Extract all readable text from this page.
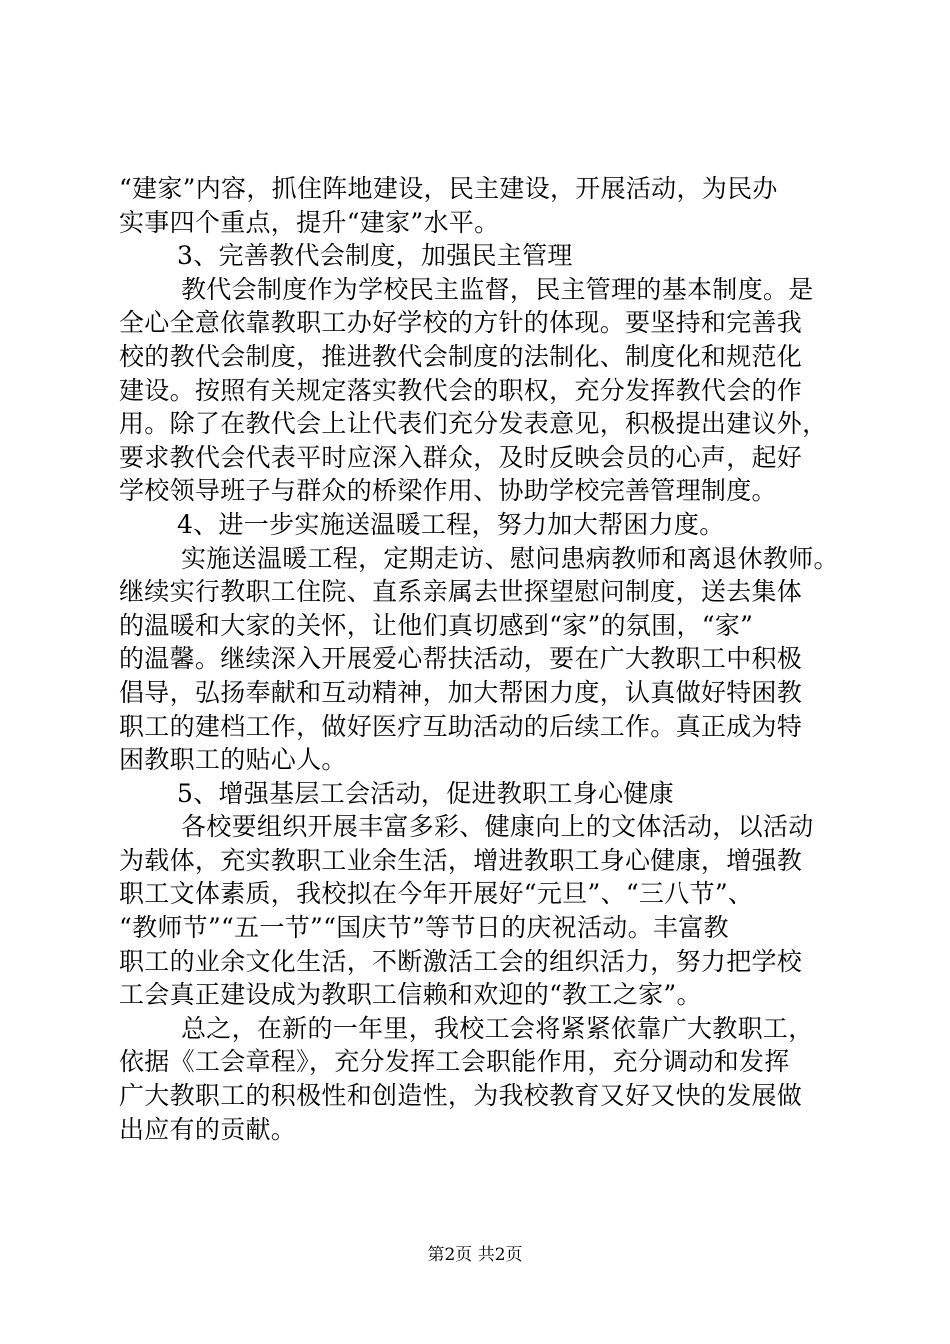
“建家”内容，抓住阵地建设，民主建设，开展活动，为民办
实事四个重点，提升“建家”水平。
3、完善教代会制度，加强民主管理
教代会制度作为学校民主监督，民主管理的基本制度。是
全心全意依靠教职工办好学校的方针的体现。要坚持和完善我
校的教代会制度，推进教代会制度的法制化、制度化和规范化
建设。按照有关规定落实教代会的职权，充分发挥教代会的作
用。除了在教代会上让代表们充分发表意见，积极提出建议外，
要求教代会代表平时应深入群众，及时反映会员的心声，起好
学校领导班子与群众的桥梁作用、协助学校完善管理制度。
4、进一步实施送温暖工程，努力加大帮困力度。
实施送温暖工程，定期走访、慰问患病教师和离退休教师。
继续实行教职工住院、直系亲属去世探望慰问制度，送去集体
的温暖和大家的关怀，让他们真切感到“家”的氛围，“家”
的温馨。继续深入开展爱心帮扶活动，要在广大教职工中积极
倡导，弘扬奉献和互动精神，加大帮困力度，认真做好特困教
职工的建档工作，做好医疗互助活动的后续工作。真正成为特
困教职工的贴心人。
5、增强基层工会活动，促进教职工身心健康
各校要组织开展丰富多彩、健康向上的文体活动，以活动
为载体，充实教职工业余生活，增进教职工身心健康，增强教
职工文体素质，我校拟在今年开展好“元旦”、“三八节”、
“教师节”“五一节”“国庆节”等节日的庆祝活动。丰富教
职工的业余文化生活，不断激活工会的组织活力，努力把学校
工会真正建设成为教职工信赖和欢迎的“教工之家”。
总之，在新的一年里，我校工会将紧紧依靠广大教职工，
依据《工会章程》，充分发挥工会职能作用，充分调动和发挥
广大教职工的积极性和创造性，为我校教育又好又快的发展做
出应有的贡献。
第2页 共2页
